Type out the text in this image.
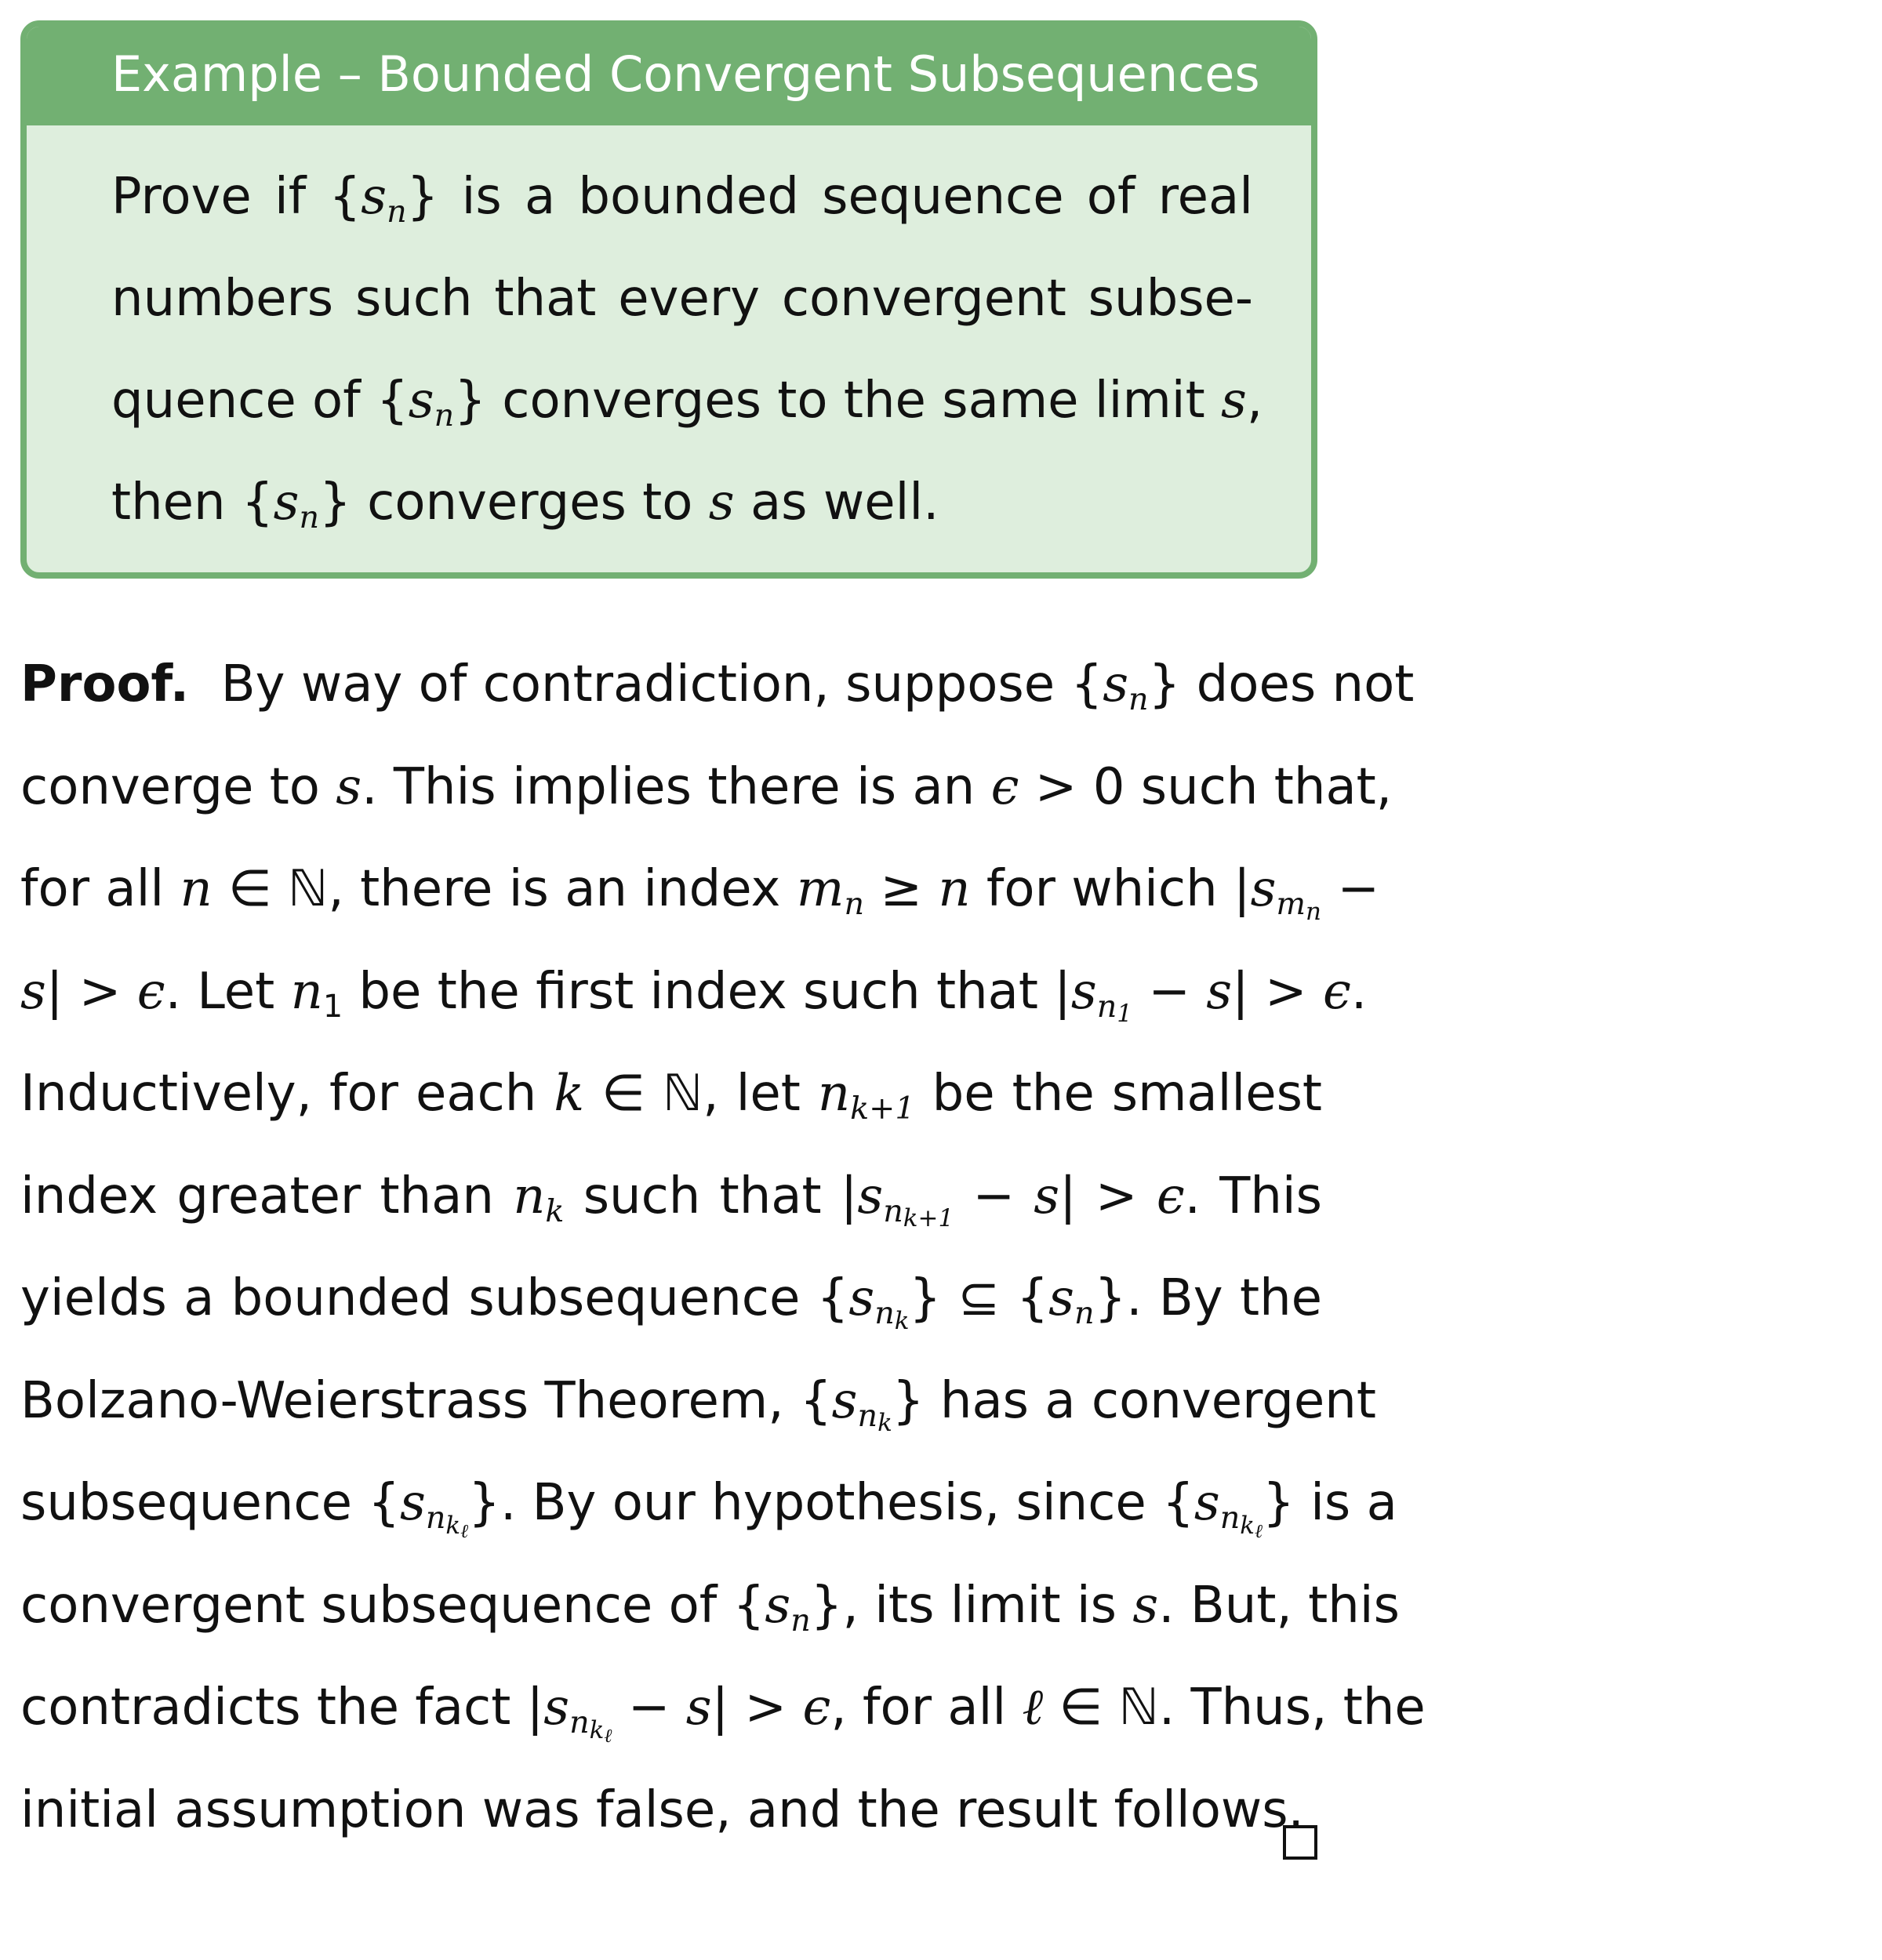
Example – Bounded Convergent Subsequences
Prove if $\{s_n\}$ is a bounded sequence of real
numbers such that every convergent subse-
quence of $\{s_n\}$ converges to the same limit s,
then $\{s_n\}$ converges to s as well.
Proof.  By way of contradiction, suppose $\{s_n\}$ does not
converge to s. This implies there is an ϵ > 0 such that,
for all n ∈ ℕ, there is an index $m_n \ge n$ for which $|s_{m_n}$ −
s| > ϵ. Let $n_1$ be the first index such that $|s_{n_1} - s| > \epsilon$.
Inductively, for each k ∈ ℕ, let $n_{k+1}$ be the smallest
index greater than $n_k$ such that $|s_{n_{k+1}} - s| > \epsilon$. This
yields a bounded subsequence $\{s_{n_k}\}$ ⊆ $\{s_n\}$. By the
Bolzano-Weierstrass Theorem, $\{s_{n_k}\}$ has a convergent
subsequence $\{s_{n_{k_\ell}}\}$. By our hypothesis, since $\{s_{n_{k_\ell}}\}$ is a
convergent subsequence of $\{s_n\}$, its limit is s. But, this
contradicts the fact $|s_{n_{k_\ell}} - s| > \epsilon$, for all ℓ ∈ ℕ. Thus, the
initial assumption was false, and the result follows.
